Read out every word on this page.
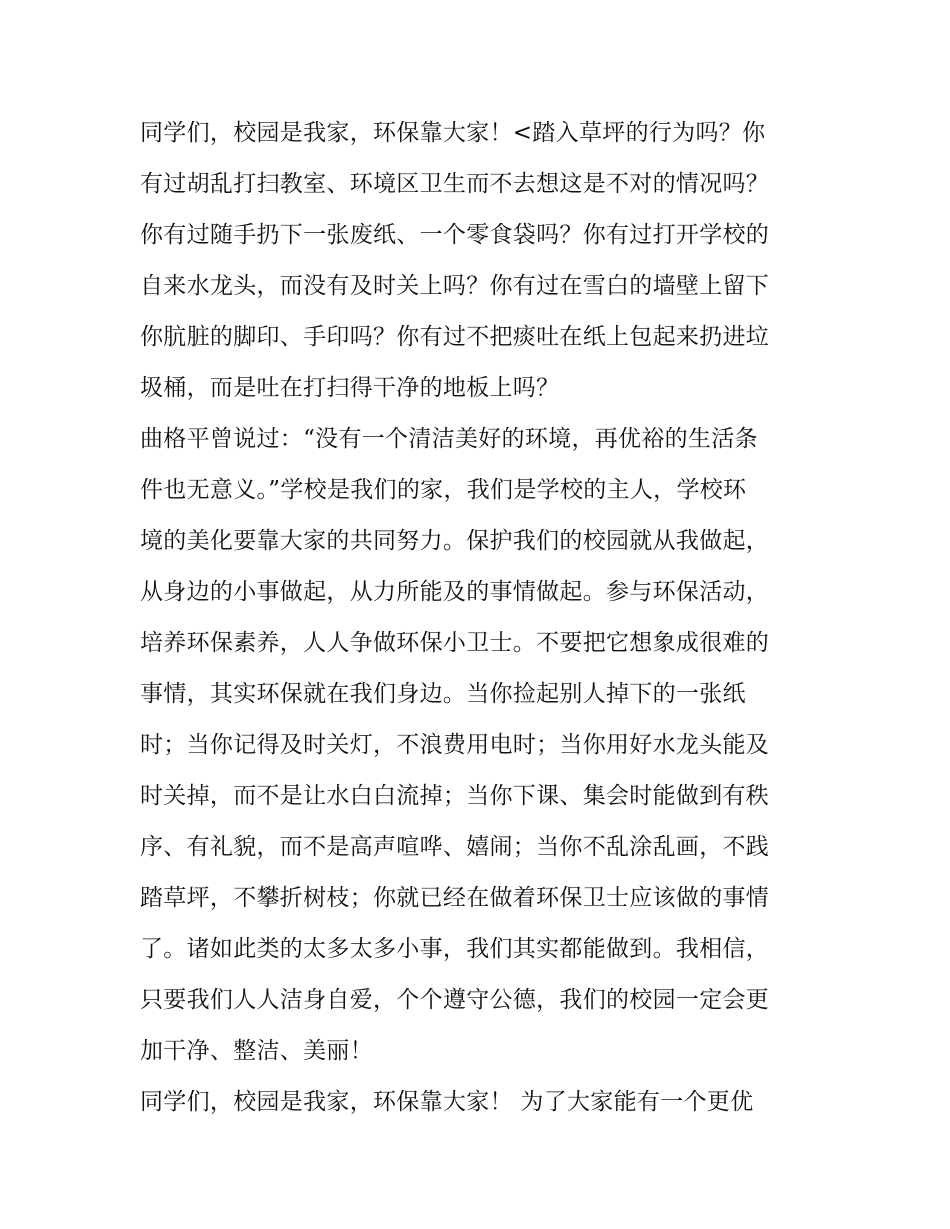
同学们，校园是我家，环保靠大家！<踏入草坪的行为吗？你
有过胡乱打扫教室、环境区卫生而不去想这是不对的情况吗？
你有过随手扔下一张废纸、一个零食袋吗？你有过打开学校的
自来水龙头，而没有及时关上吗？你有过在雪白的墙壁上留下
你肮脏的脚印、手印吗？你有过不把痰吐在纸上包起来扔进垃
圾桶，而是吐在打扫得干净的地板上吗？
曲格平曾说过：“没有一个清洁美好的环境，再优裕的生活条
件也无意义。”学校是我们的家，我们是学校的主人，学校环
境的美化要靠大家的共同努力。保护我们的校园就从我做起，
从身边的小事做起，从力所能及的事情做起。参与环保活动，
培养环保素养，人人争做环保小卫士。不要把它想象成很难的
事情，其实环保就在我们身边。当你捡起别人掉下的一张纸
时；当你记得及时关灯，不浪费用电时；当你用好水龙头能及
时关掉，而不是让水白白流掉；当你下课、集会时能做到有秩
序、有礼貌，而不是高声喧哗、嬉闹；当你不乱涂乱画，不践
踏草坪，不攀折树枝；你就已经在做着环保卫士应该做的事情
了。诸如此类的太多太多小事，我们其实都能做到。我相信，
只要我们人人洁身自爱，个个遵守公德，我们的校园一定会更
加干净、整洁、美丽！
同学们，校园是我家，环保靠大家！ 为了大家能有一个更优
